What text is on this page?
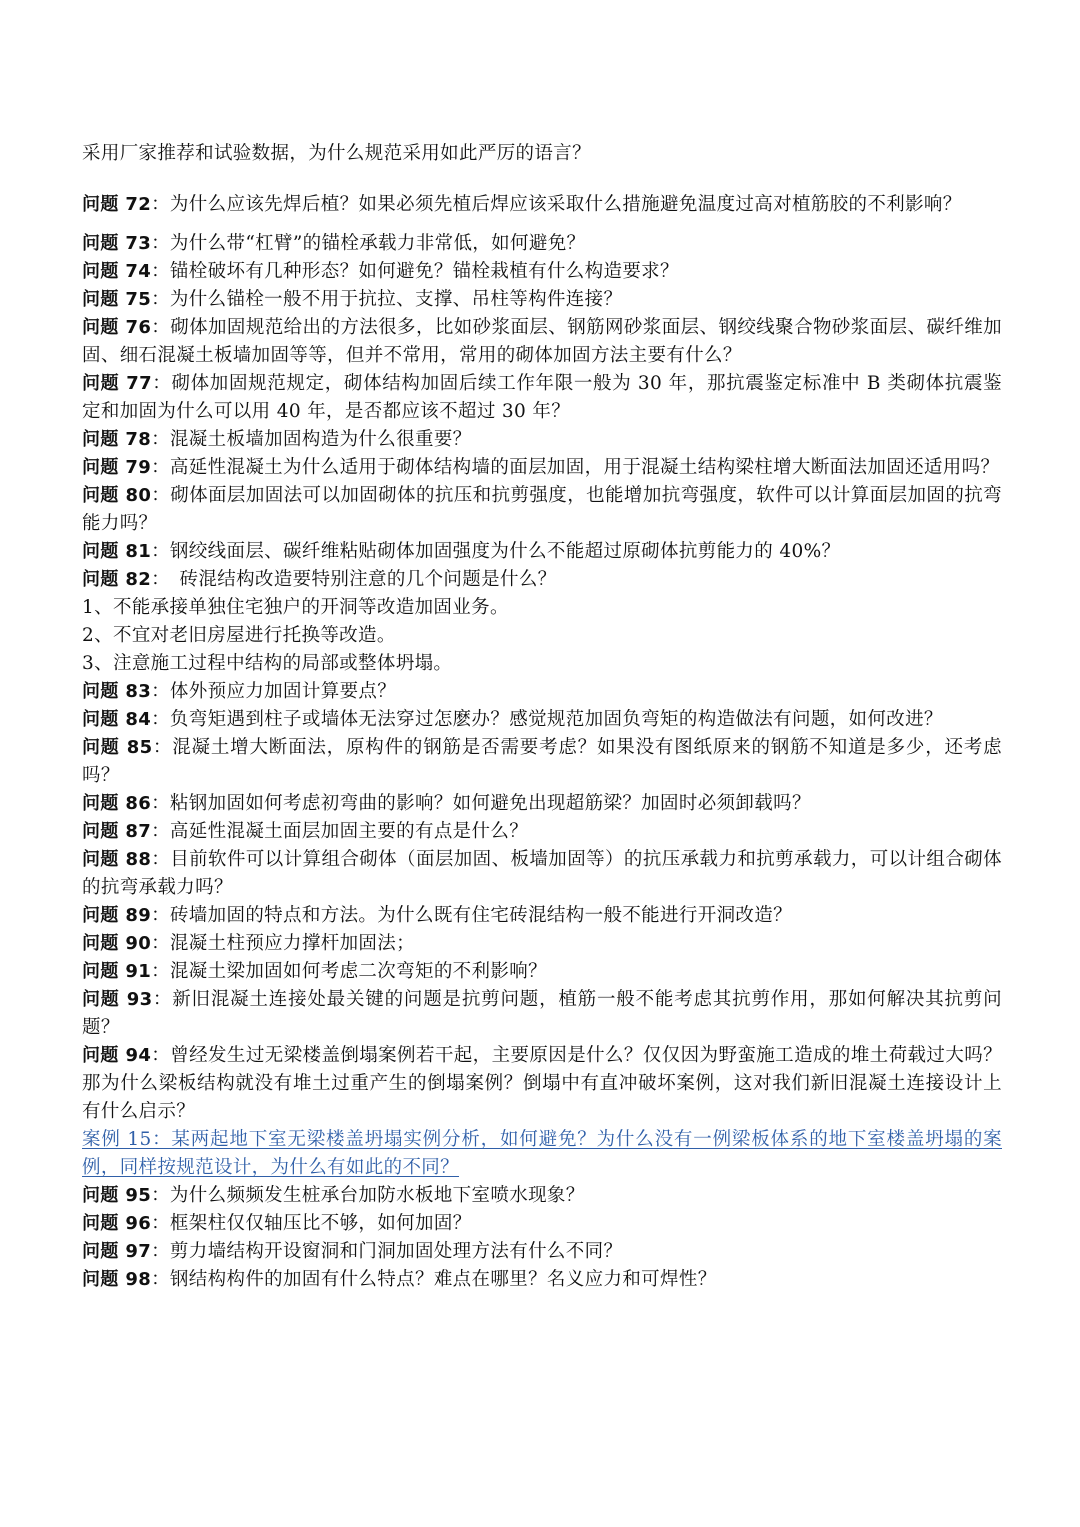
采用厂家推荐和试验数据，为什么规范采用如此严厉的语言？

问题 72：为什么应该先焊后植？如果必须先植后焊应该采取什么措施避免温度过高对植筋胶的不利影响？

问题 73：为什么带“杠臂”的锚栓承载力非常低，如何避免？

问题 74：锚栓破坏有几种形态？如何避免？锚栓栽植有什么构造要求？

问题 75：为什么锚栓一般不用于抗拉、支撑、吊柱等构件连接？

问题 76：砌体加固规范给出的方法很多，比如砂浆面层、钢筋网砂浆面层、钢绞线聚合物砂浆面层、碳纤维加固、细石混凝土板墙加固等等，但并不常用，常用的砌体加固方法主要有什么？

问题 77：砌体加固规范规定，砌体结构加固后续工作年限一般为 30 年，那抗震鉴定标准中 B 类砌体抗震鉴定和加固为什么可以用 40 年，是否都应该不超过 30 年？

问题 78：混凝土板墙加固构造为什么很重要？

问题 79：高延性混凝土为什么适用于砌体结构墙的面层加固，用于混凝土结构梁柱增大断面法加固还适用吗？

问题 80：砌体面层加固法可以加固砌体的抗压和抗剪强度，也能增加抗弯强度，软件可以计算面层加固的抗弯能力吗？

问题 81：钢绞线面层、碳纤维粘贴砌体加固强度为什么不能超过原砌体抗剪能力的 40%？

问题 82：　砖混结构改造要特别注意的几个问题是什么？

1、不能承接单独住宅独户的开洞等改造加固业务。

2、不宜对老旧房屋进行托换等改造。

3、注意施工过程中结构的局部或整体坍塌。

问题 83：体外预应力加固计算要点？

问题 84：负弯矩遇到柱子或墙体无法穿过怎麽办？感觉规范加固负弯矩的构造做法有问题，如何改进？

问题 85：混凝土增大断面法，原构件的钢筋是否需要考虑？如果没有图纸原来的钢筋不知道是多少，还考虑吗？

问题 86：粘钢加固如何考虑初弯曲的影响？如何避免出现超筋梁？加固时必须卸载吗？

问题 87：高延性混凝土面层加固主要的有点是什么？

问题 88：目前软件可以计算组合砌体（面层加固、板墙加固等）的抗压承载力和抗剪承载力，可以计组合砌体的抗弯承载力吗？

问题 89：砖墙加固的特点和方法。为什么既有住宅砖混结构一般不能进行开洞改造？

问题 90：混凝土柱预应力撑杆加固法；

问题 91：混凝土梁加固如何考虑二次弯矩的不利影响？

问题 93：新旧混凝土连接处最关键的问题是抗剪问题，植筋一般不能考虑其抗剪作用，那如何解决其抗剪问题？

问题 94：曾经发生过无梁楼盖倒塌案例若干起，主要原因是什么？仅仅因为野蛮施工造成的堆土荷载过大吗？那为什么梁板结构就没有堆土过重产生的倒塌案例？倒塌中有直冲破坏案例，这对我们新旧混凝土连接设计上有什么启示？

案例 15：某两起地下室无梁楼盖坍塌实例分析，如何避免？为什么没有一例梁板体系的地下室楼盖坍塌的案例，同样按规范设计，为什么有如此的不同？

问题 95：为什么频频发生桩承台加防水板地下室喷水现象？

问题 96：框架柱仅仅轴压比不够，如何加固？

问题 97：剪力墙结构开设窗洞和门洞加固处理方法有什么不同？

问题 98：钢结构构件的加固有什么特点？难点在哪里？名义应力和可焊性？
